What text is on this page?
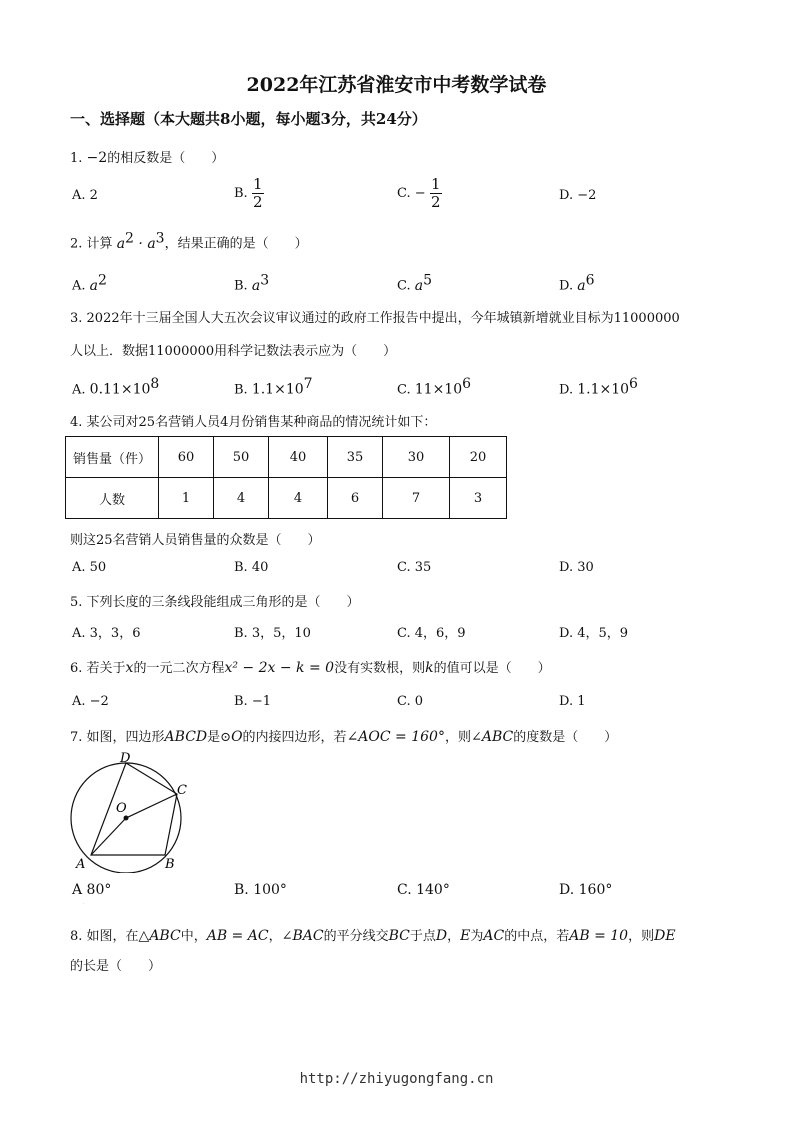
2022年江苏省淮安市中考数学试卷
一、选择题（本大题共8小题，每小题3分，共24分）
1. −2的相反数是（　　）
A. 2	B. $\frac{1}{2}$	C. − $\frac{1}{2}$	D. −2
2. 计算 $a^2 \cdot a^3$，结果正确的是（　　）
A. $a^2$	B. $a^3$	C. $a^5$	D. $a^6$
3. 2022年十三届全国人大五次会议审议通过的政府工作报告中提出，今年城镇新增就业目标为11000000
人以上．数据11000000用科学记数法表示应为（　　）
A. $0.11\times 10^8$	B. $1.1\times 10^7$	C. $11\times 10^6$	D. $1.1\times 10^6$
4. 某公司对25名营销人员4月份销售某种商品的情况统计如下：
销售量（件）	60	50	40	35	30	20
人数	1	4	4	6	7	3
则这25名营销人员销售量的众数是（　　）
A. 50	B. 40	C. 35	D. 30
5. 下列长度的三条线段能组成三角形的是（　　）
A. 3，3，6	B. 3，5，10	C. 4，6，9	D. 4，5，9
6. 若关于x的一元二次方程x² − 2x − k = 0没有实数根，则k的值可以是（　　）
A. −2	B. −1	C. 0	D. 1
7. 如图，四边形ABCD是⊙O的内接四边形，若∠AOC = 160°，则∠ABC的度数是（　　）
D
C
O
A	B
A 80°
·
B. 100°	C. 140°	D. 160°
8. 如图，在△ABC中，AB = AC，∠BAC的平分线交BC于点D，E为AC的中点，若AB = 10，则DE
的长是（　　）
http://zhiyugongfang.cn
